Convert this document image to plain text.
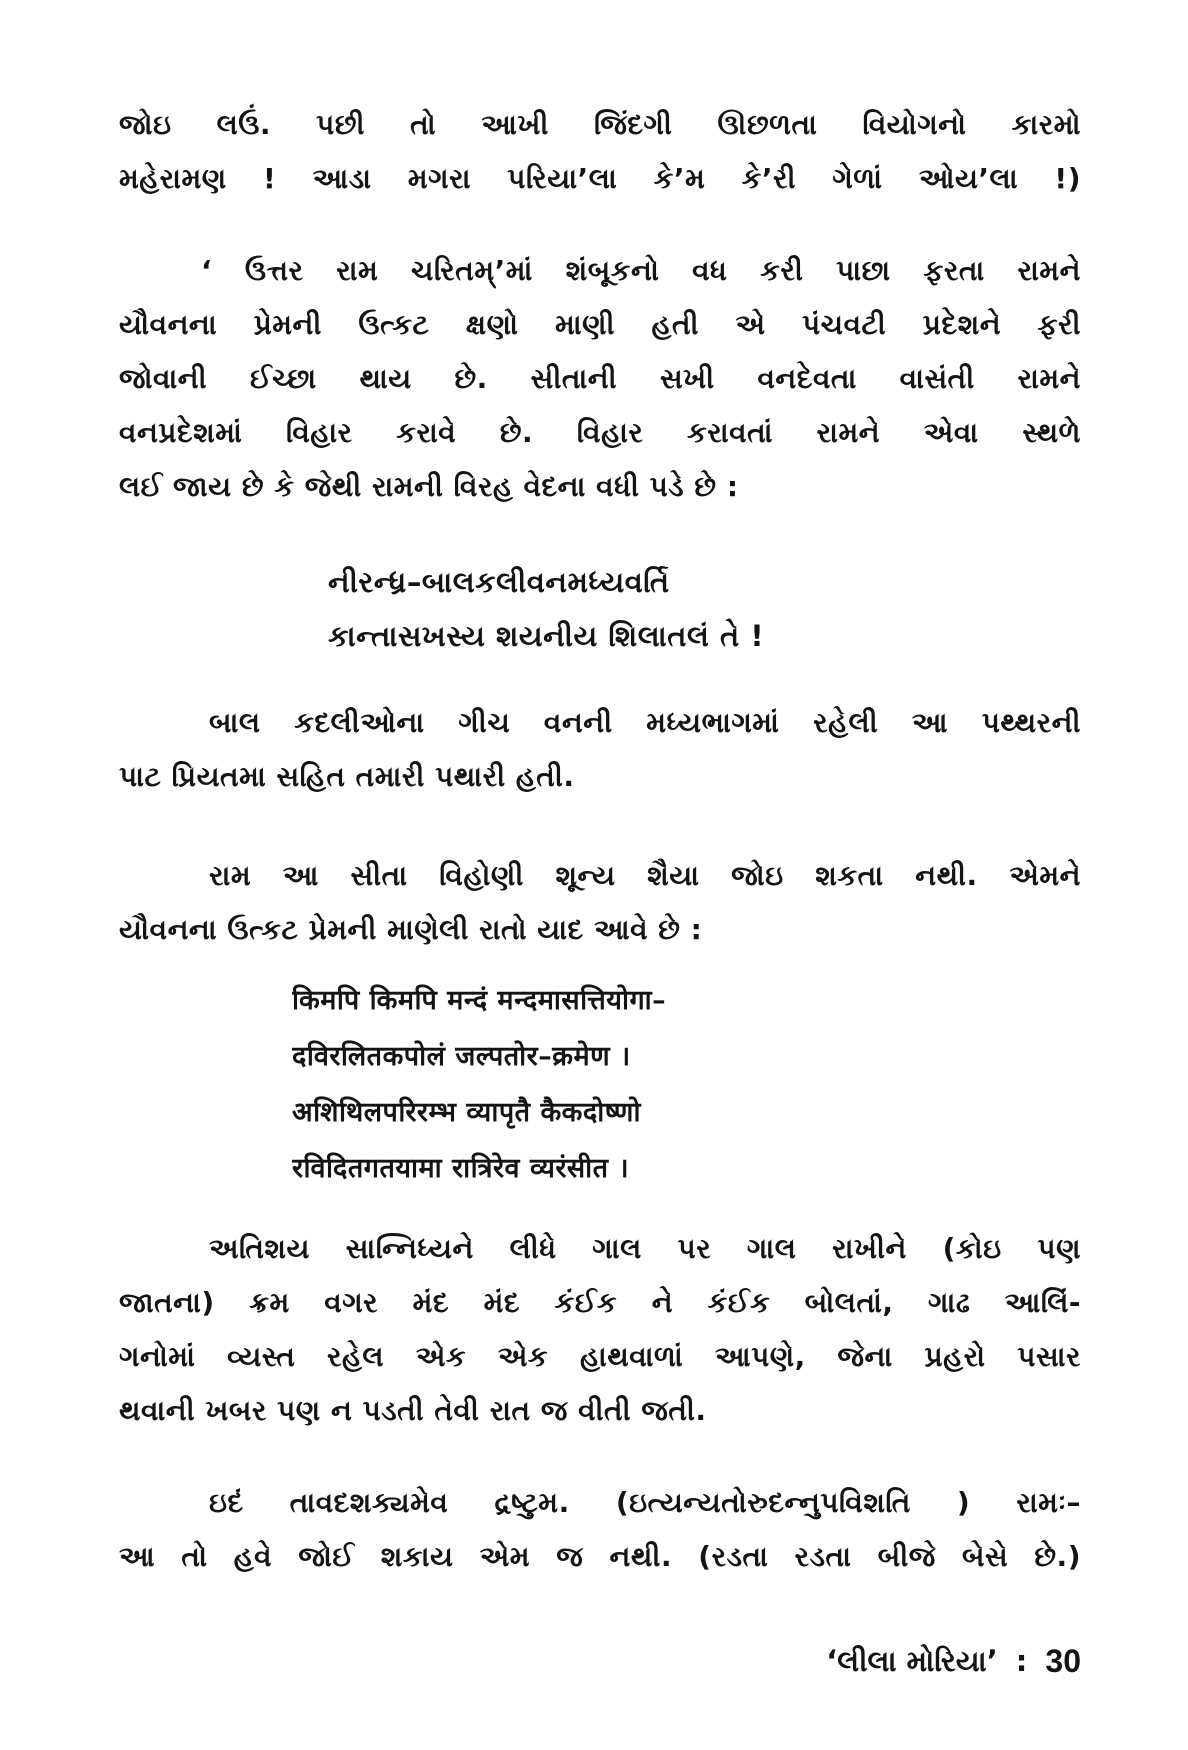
જોઇ લઉં. પછી તો આખી જિંદગી ઊછળતા વિયોગનો કારમો
મહેરામણ ! આડા મગરા પરિયા’લા કે’મ કે’રી ગેળાં ઓય’લા !)
‘ ઉત્તર રામ ચરિતમ્’માં શંબૂકનો વધ કરી પાછા ફરતા રામને
યૌવનના પ્રેમની ઉત્કટ ક્ષણો માણી હતી એ પંચવટી પ્રદેશને ફરી
જોવાની ઈચ્છા થાય છે. સીતાની સખી વનદેવતા વાસંતી રામને
વનપ્રદેશમાં વિહાર કરાવે છે. વિહાર કરાવતાં રામને એવા સ્થળે
લઈ જાય છે કે જેથી રામની વિરહ વેદના વધી પડે છે :
નીરન્ધ્ર–બાલકલીવનમધ્યવર્તિ
કાન્તાસખસ્ય શયનીય શિલાતલં તે !
બાલ કદલીઓના ગીચ વનની મધ્યભાગમાં રહેલી આ પથ્થરની
પાટ પ્રિયતમા સહિત તમારી પથારી હતી.
રામ આ સીતા વિહોણી શૂન્ય શૈયા જોઇ શકતા નથી. એમને
યૌવનના ઉત્કટ પ્રેમની માણેલી રાતો યાદ આવે છે :
किमपि किमपि मन्दं मन्दमासत्तियोगा–
दविरलितकपोलं जल्पतोर–क्रमेण ।
अशिथिलपरिरम्भ व्यापृतै कैकदोष्णो
रविदितगतयामा रात्रिरेव व्यरंसीत ।
અતિશય સાન્નિધ્યને લીધે ગાલ પર ગાલ રાખીને (કોઇ પણ
જાતના) ક્રમ વગર મંદ મંદ કંઈક ને કંઈક બોલતાં, ગાઢ આલિં-
ગનોમાં વ્યસ્ત રહેલ એક એક હાથવાળાં આપણે, જેના પ્રહરો પસાર
થવાની ખબર પણ ન પડતી તેવી રાત જ વીતી જતી.
ઇદં તાવદશક્યમેવ દ્રષ્ટુમ. (ઇત્યન્યતોરુદન્નુપવિશતિ ) રામઃ–
આ તો હવે જોઈ શકાય એમ જ નથી. (રડતા રડતા બીજે બેસે છે.)
‘લીલા મોરિયા’ : 30
